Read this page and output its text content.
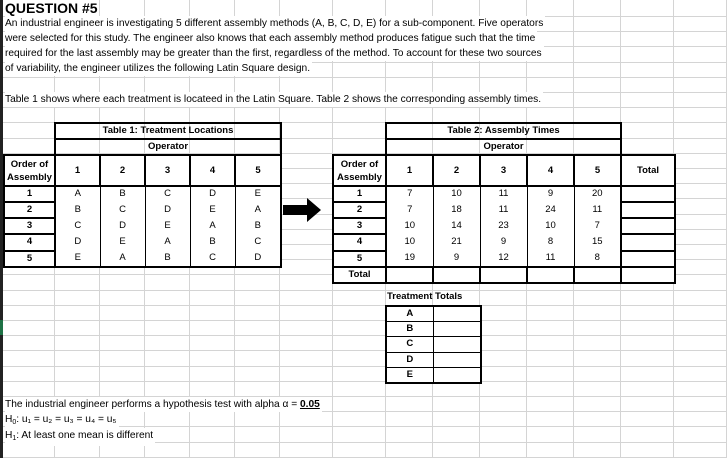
QUESTION #5
An industrial engineer is investigating 5 different assembly methods (A, B, C, D, E) for a sub-component. Five operators
were selected for this study. The engineer also knows that each assembly method produces fatigue such that the time
required for the last assembly may be greater than the first, regardless of the method. To account for these two sources
of variability, the engineer utilizes the following Latin Square design.
Table 1 shows where each treatment is locateed in the Latin Square. Table 2 shows the corresponding assembly times.
	Table 1: Treatment Locations				
	Operator				
Order of
Assembly	1	2	3	4	5
1	A	B	C	D	E
2	B	C	D	E	A
3	C	D	E	A	B
4	D	E	A	B	C
5	E	A	B	C	D
	Table 2: Assembly Times					
	Operator					
Order of
Assembly	1	2	3	4	5	Total
1	7	10	11	9	20	
2	7	18	11	24	11	
3	10	14	23	10	7	
4	10	21	9	8	15	
5	19	9	12	11	8	
Total						
Treatment Totals
A	
B	
C	
D	
E	
The industrial engineer performs a hypothesis test with alpha α = 0.05
$H_0$: u₁ = u₂ = u₃ = u₄ = u₅
$H_1$: At least one mean is different
